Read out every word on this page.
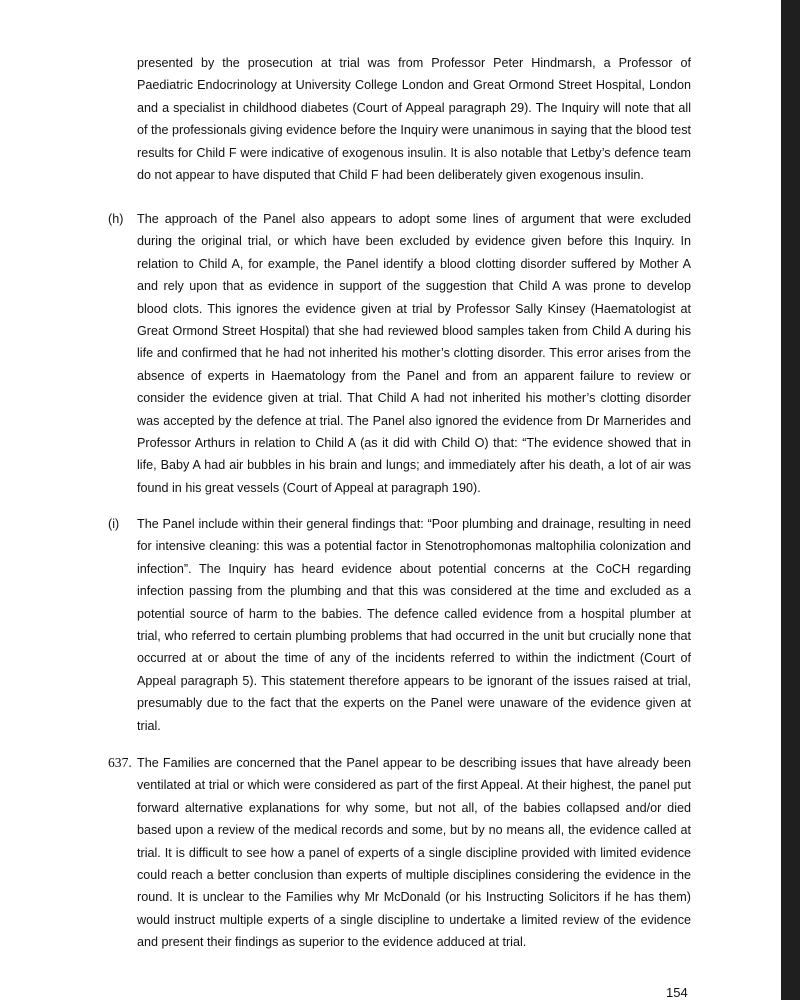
presented by the prosecution at trial was from Professor Peter Hindmarsh, a Professor of Paediatric Endocrinology at University College London and Great Ormond Street Hospital, London and a specialist in childhood diabetes (Court of Appeal paragraph 29). The Inquiry will note that all of the professionals giving evidence before the Inquiry were unanimous in saying that the blood test results for Child F were indicative of exogenous insulin. It is also notable that Letby’s defence team do not appear to have disputed that Child F had been deliberately given exogenous insulin.

(h) The approach of the Panel also appears to adopt some lines of argument that were excluded during the original trial, or which have been excluded by evidence given before this Inquiry. In relation to Child A, for example, the Panel identify a blood clotting disorder suffered by Mother A and rely upon that as evidence in support of the suggestion that Child A was prone to develop blood clots. This ignores the evidence given at trial by Professor Sally Kinsey (Haematologist at Great Ormond Street Hospital) that she had reviewed blood samples taken from Child A during his life and confirmed that he had not inherited his mother’s clotting disorder. This error arises from the absence of experts in Haematology from the Panel and from an apparent failure to review or consider the evidence given at trial. That Child A had not inherited his mother’s clotting disorder was accepted by the defence at trial. The Panel also ignored the evidence from Dr Marnerides and Professor Arthurs in relation to Child A (as it did with Child O) that: “The evidence showed that in life, Baby A had air bubbles in his brain and lungs; and immediately after his death, a lot of air was found in his great vessels (Court of Appeal at paragraph 190).

(i) The Panel include within their general findings that: “Poor plumbing and drainage, resulting in need for intensive cleaning: this was a potential factor in Stenotrophomonas maltophilia colonization and infection”. The Inquiry has heard evidence about potential concerns at the CoCH regarding infection passing from the plumbing and that this was considered at the time and excluded as a potential source of harm to the babies. The defence called evidence from a hospital plumber at trial, who referred to certain plumbing problems that had occurred in the unit but crucially none that occurred at or about the time of any of the incidents referred to within the indictment (Court of Appeal paragraph 5). This statement therefore appears to be ignorant of the issues raised at trial, presumably due to the fact that the experts on the Panel were unaware of the evidence given at trial.

637. The Families are concerned that the Panel appear to be describing issues that have already been ventilated at trial or which were considered as part of the first Appeal. At their highest, the panel put forward alternative explanations for why some, but not all, of the babies collapsed and/or died based upon a review of the medical records and some, but by no means all, the evidence called at trial. It is difficult to see how a panel of experts of a single discipline provided with limited evidence could reach a better conclusion than experts of multiple disciplines considering the evidence in the round. It is unclear to the Families why Mr McDonald (or his Instructing Solicitors if he has them) would instruct multiple experts of a single discipline to undertake a limited review of the evidence and present their findings as superior to the evidence adduced at trial.

154
